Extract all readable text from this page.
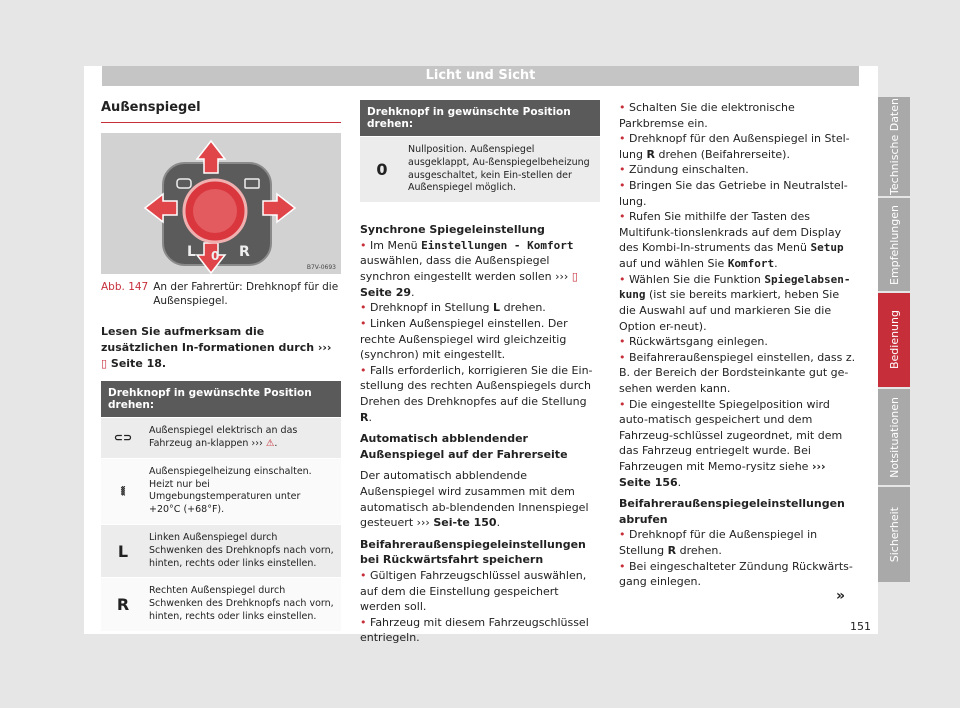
Licht und Sicht
Außenspiegel
L 0 R
B7V-0693
Abb. 147 An der Fahrertür: Drehknopf für die Außenspiegel.
Lesen Sie aufmerksam die zusätzlichen In-formationen durch ››› ▯ Seite 18.
Drehknopf in gewünschte Position drehen:
⊂⊃
Außenspiegel elektrisch an das Fahrzeug an-klappen ››› ⚠.
⧛
Außenspiegelheizung einschalten. Heizt nur bei Umgebungstemperaturen unter +20°C (+68°F).
L
Linken Außenspiegel durch Schwenken des Drehknopfs nach vorn, hinten, rechts oder links einstellen.
R
Rechten Außenspiegel durch Schwenken des Drehknopfs nach vorn, hinten, rechts oder links einstellen.
Drehknopf in gewünschte Position drehen:
0
Nullposition. Außenspiegel ausgeklappt, Au-ßenspiegelbeheizung ausgeschaltet, kein Ein-stellen der Außenspiegel möglich.
Synchrone Spiegeleinstellung

• Im Menü Einstellungen - Komfort auswählen, dass die Außenspiegel synchron eingestellt werden sollen ››› ▯ Seite 29.

• Drehknopf in Stellung L drehen.

• Linken Außenspiegel einstellen. Der rechte Außenspiegel wird gleichzeitig (synchron) mit eingestellt.

• Falls erforderlich, korrigieren Sie die Ein-stellung des rechten Außenspiegels durch Drehen des Drehknopfes auf die Stellung R.

Automatisch abblendender Außenspiegel auf der Fahrerseite

Der automatisch abblendende Außenspiegel wird zusammen mit dem automatisch ab-blendenden Innenspiegel gesteuert ››› Sei-te 150.

Beifahreraußenspiegeleinstellungen bei Rückwärtsfahrt speichern

• Gültigen Fahrzeugschlüssel auswählen, auf dem die Einstellung gespeichert werden soll.

• Fahrzeug mit diesem Fahrzeugschlüssel entriegeln.

• Schalten Sie die elektronische Parkbremse ein.

• Drehknopf für den Außenspiegel in Stel-lung R drehen (Beifahrerseite).

• Zündung einschalten.

• Bringen Sie das Getriebe in Neutralstel-lung.

• Rufen Sie mithilfe der Tasten des Multifunk-tionslenkrads auf dem Display des Kombi-In-struments das Menü Setup auf und wählen Sie Komfort.

• Wählen Sie die Funktion Spiegelabsen-kung (ist sie bereits markiert, heben Sie die Auswahl auf und markieren Sie die Option er-neut).

• Rückwärtsgang einlegen.

• Beifahreraußenspiegel einstellen, dass z. B. der Bereich der Bordsteinkante gut ge-sehen werden kann.

• Die eingestellte Spiegelposition wird auto-matisch gespeichert und dem Fahrzeug-schlüssel zugeordnet, mit dem das Fahrzeug entriegelt wurde. Bei Fahrzeugen mit Memo-rysitz siehe ››› Seite 156.

Beifahreraußenspiegeleinstellungen abrufen

• Drehknopf für die Außenspiegel in Stellung R drehen.

• Bei eingeschalteter Zündung Rückwärts-gang einlegen.

»
Technische Daten
Empfehlungen
Bedienung
Notsituationen
Sicherheit
151
